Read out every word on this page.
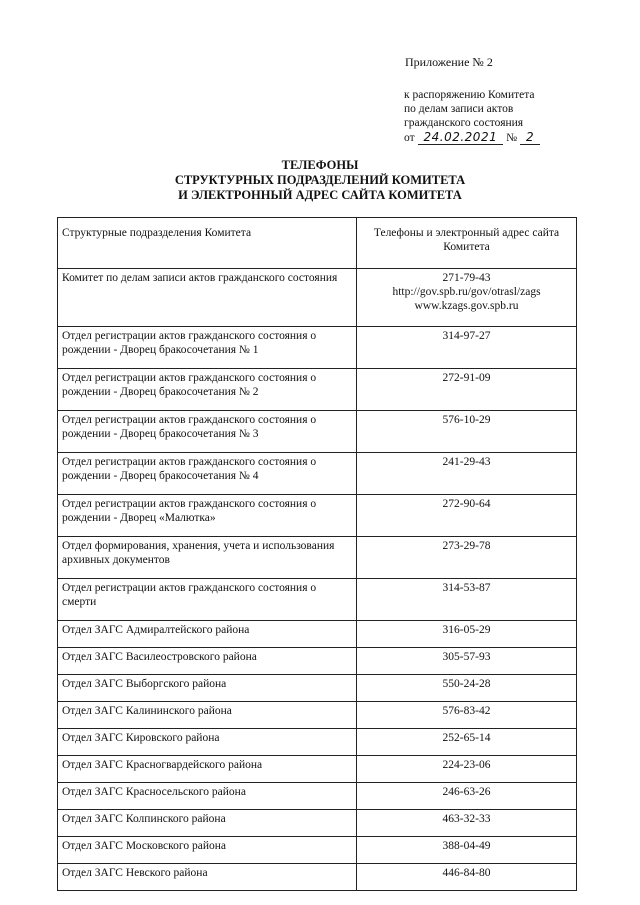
Приложение № 2
к распоряжению Комитета
по делам записи актов
гражданского состояния
от 24.02.2021 № 2
ТЕЛЕФОНЫ
СТРУКТУРНЫХ ПОДРАЗДЕЛЕНИЙ КОМИТЕТА
И ЭЛЕКТРОННЫЙ АДРЕС САЙТА КОМИТЕТА
Структурные подразделения Комитета	Телефоны и электронный адрес сайта Комитета
Комитет по делам записи актов гражданского состояния	271-79-43
http://gov.spb.ru/gov/otrasl/zags
www.kzags.gov.spb.ru

Отдел регистрации актов гражданского состояния о рождении - Дворец бракосочетания № 1	314-97-27
Отдел регистрации актов гражданского состояния о рождении - Дворец бракосочетания № 2	272-91-09
Отдел регистрации актов гражданского состояния о рождении - Дворец бракосочетания № 3	576-10-29
Отдел регистрации актов гражданского состояния о рождении - Дворец бракосочетания № 4	241-29-43
Отдел регистрации актов гражданского состояния о рождении - Дворец «Малютка»	272-90-64
Отдел формирования, хранения, учета и использования архивных документов	273-29-78
Отдел регистрации актов гражданского состояния о смерти	314-53-87
Отдел ЗАГС Адмиралтейского района	316-05-29
Отдел ЗАГС Василеостровского района	305-57-93
Отдел ЗАГС Выборгского района	550-24-28
Отдел ЗАГС Калининского района	576-83-42
Отдел ЗАГС Кировского района	252-65-14
Отдел ЗАГС Красногвардейского района	224-23-06
Отдел ЗАГС Красносельского района	246-63-26
Отдел ЗАГС Колпинского района	463-32-33
Отдел ЗАГС Московского района	388-04-49
Отдел ЗАГС Невского района	446-84-80
